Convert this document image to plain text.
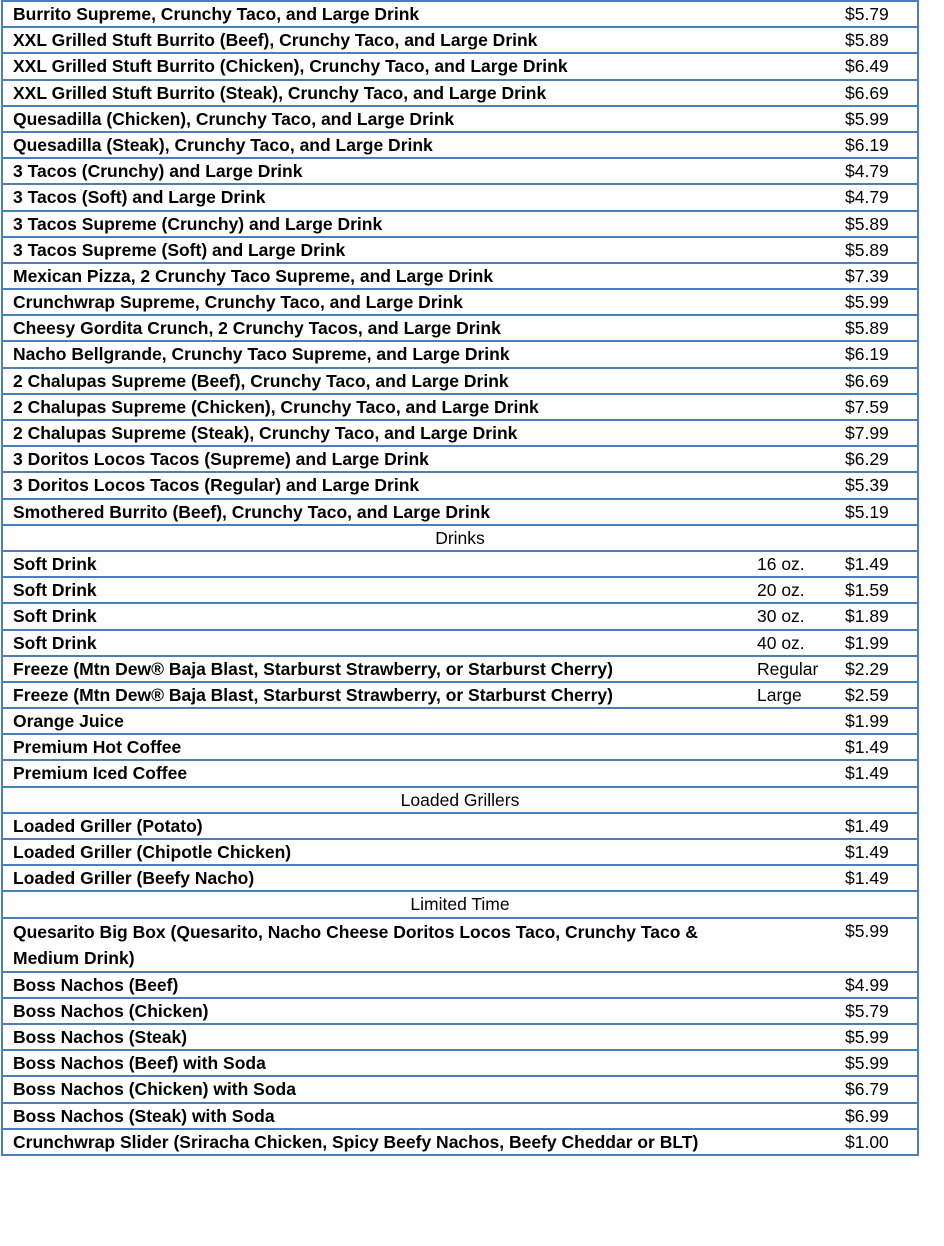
Burrito Supreme, Crunchy Taco, and Large Drink		$5.79
XXL Grilled Stuft Burrito (Beef), Crunchy Taco, and Large Drink		$5.89
XXL Grilled Stuft Burrito (Chicken), Crunchy Taco, and Large Drink		$6.49
XXL Grilled Stuft Burrito (Steak), Crunchy Taco, and Large Drink		$6.69
Quesadilla (Chicken), Crunchy Taco, and Large Drink		$5.99
Quesadilla (Steak), Crunchy Taco, and Large Drink		$6.19
3 Tacos (Crunchy) and Large Drink		$4.79
3 Tacos (Soft) and Large Drink		$4.79
3 Tacos Supreme (Crunchy) and Large Drink		$5.89
3 Tacos Supreme (Soft) and Large Drink		$5.89
Mexican Pizza, 2 Crunchy Taco Supreme, and Large Drink		$7.39
Crunchwrap Supreme, Crunchy Taco, and Large Drink		$5.99
Cheesy Gordita Crunch, 2 Crunchy Tacos, and Large Drink		$5.89
Nacho Bellgrande, Crunchy Taco Supreme, and Large Drink		$6.19
2 Chalupas Supreme (Beef), Crunchy Taco, and Large Drink		$6.69
2 Chalupas Supreme (Chicken), Crunchy Taco, and Large Drink		$7.59
2 Chalupas Supreme (Steak), Crunchy Taco, and Large Drink		$7.99
3 Doritos Locos Tacos (Supreme) and Large Drink		$6.29
3 Doritos Locos Tacos (Regular) and Large Drink		$5.39
Smothered Burrito (Beef), Crunchy Taco, and Large Drink		$5.19
Drinks		
Soft Drink	16 oz.	$1.49
Soft Drink	20 oz.	$1.59
Soft Drink	30 oz.	$1.89
Soft Drink	40 oz.	$1.99
Freeze (Mtn Dew® Baja Blast, Starburst Strawberry, or Starburst Cherry)	Regular	$2.29
Freeze (Mtn Dew® Baja Blast, Starburst Strawberry, or Starburst Cherry)	Large	$2.59
Orange Juice		$1.99
Premium Hot Coffee		$1.49
Premium Iced Coffee		$1.49
Loaded Grillers		
Loaded Griller (Potato)		$1.49
Loaded Griller (Chipotle Chicken)		$1.49
Loaded Griller (Beefy Nacho)		$1.49
Limited Time		
Quesarito Big Box (Quesarito, Nacho Cheese Doritos Locos Taco, Crunchy Taco & Medium Drink)		$5.99
Boss Nachos (Beef)		$4.99
Boss Nachos (Chicken)		$5.79
Boss Nachos (Steak)		$5.99
Boss Nachos (Beef) with Soda		$5.99
Boss Nachos (Chicken) with Soda		$6.79
Boss Nachos (Steak) with Soda		$6.99
Crunchwrap Slider (Sriracha Chicken, Spicy Beefy Nachos, Beefy Cheddar or BLT)		$1.00
